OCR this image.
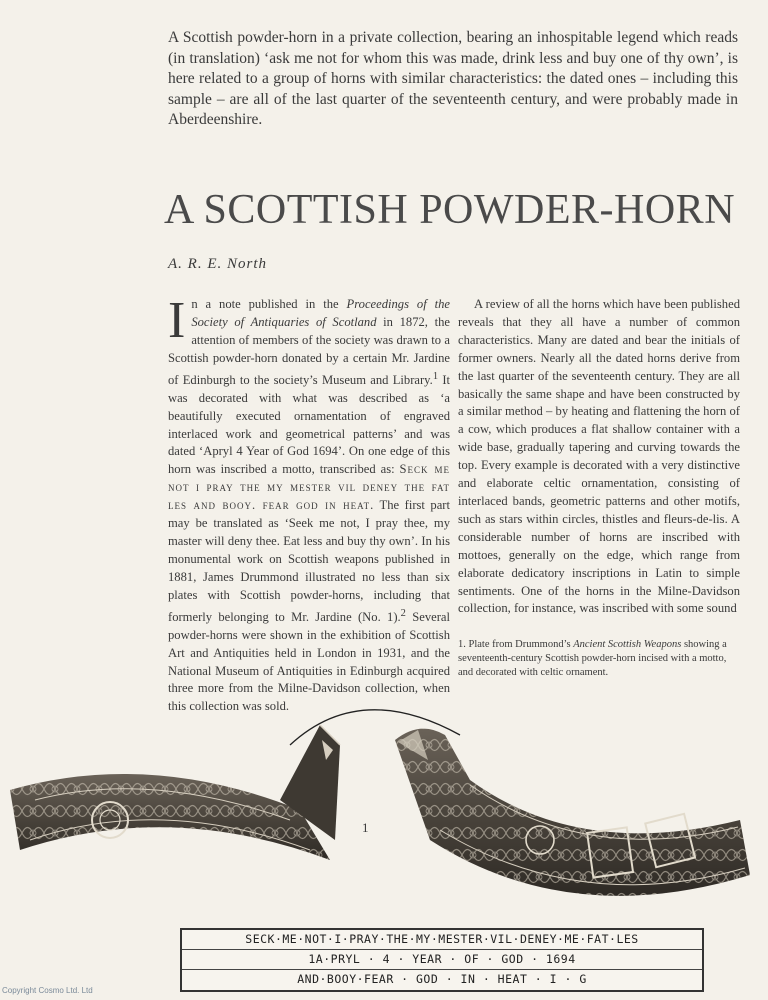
A Scottish powder-horn in a private collection, bearing an inhospitable legend which reads (in translation) ‘ask me not for whom this was made, drink less and buy one of thy own’, is here related to a group of horns with similar characteristics: the dated ones – including this sample – are all of the last quarter of the seventeenth century, and were probably made in Aberdeenshire.
A SCOTTISH POWDER-HORN
A. R. E. North

In a note published in the Proceedings of the Society of Antiquaries of Scotland in 1872, the attention of members of the society was drawn to a Scottish powder-horn donated by a certain Mr. Jardine of Edinburgh to the society’s Museum and Library.$^1$ It was decorated with what was described as ‘a beautifully executed ornamentation of engraved interlaced work and geometrical patterns’ and was dated ‘Apryl 4 Year of God 1694’. On one edge of this horn was inscribed a motto, transcribed as: Seck me not i pray the my mester vil deney the fat les and booy. fear god in heat. The first part may be translated as ‘Seek me not, I pray thee, my master will deny thee. Eat less and buy thy own’. In his monumental work on Scottish weapons published in 1881, James Drummond illustrated no less than six plates with Scottish powder-horns, including that formerly belonging to Mr. Jardine (No. 1).$^2$ Several powder-horns were shown in the exhibition of Scottish Art and Antiquities held in London in 1931, and the National Museum of Antiquities in Edinburgh acquired three more from the Milne-Davidson collection, when this collection was sold.

A review of all the horns which have been published reveals that they all have a number of common characteristics. Many are dated and bear the initials of former owners. Nearly all the dated horns derive from the last quarter of the seventeenth century. They are all basically the same shape and have been constructed by a similar method – by heating and flattening the horn of a cow, which produces a flat shallow container with a wide base, gradually tapering and curving towards the top. Every example is decorated with a very distinctive and elaborate celtic ornamentation, consisting of interlaced bands, geometric patterns and other motifs, such as stars within circles, thistles and fleurs-de-lis. A considerable number of horns are inscribed with mottoes, generally on the edge, which range from elaborate dedicatory inscriptions in Latin to simple sentiments. One of the horns in the Milne-Davidson collection, for instance, was inscribed with some sound

1. Plate from Drummond’s Ancient Scottish Weapons showing a seventeenth-century Scottish powder-horn incised with a motto, and decorated with celtic ornament.
1
SECK·ME·NOT·I·PRAY·THE·MY·MESTER·VIL·DENEY·ME·FAT·LES
1A·PRYL · 4 · YEAR · OF · GOD · 1694
AND·BOOY·FEAR · GOD · IN · HEAT · I · G
Copyright Cosmo Ltd. Ltd
